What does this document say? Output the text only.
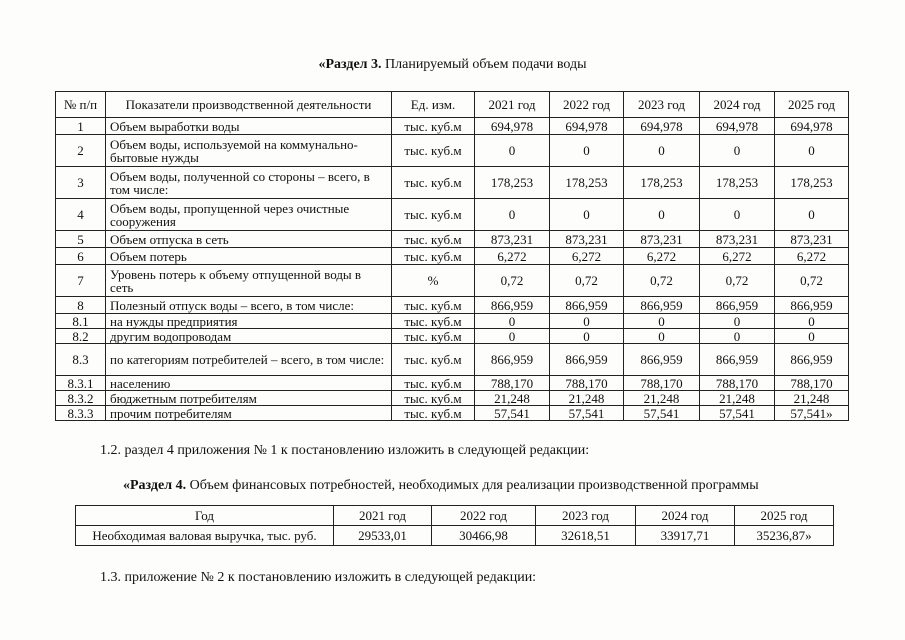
«Раздел 3. Планируемый объем подачи воды
№ п/п	Показатели производственной деятельности	Ед. изм.	2021 год	2022 год	2023 год	2024 год	2025 год
1	Объем выработки воды	тыс. куб.м	694,978	694,978	694,978	694,978	694,978
2	Объем воды, используемой на коммунально-бытовые нужды	тыс. куб.м	0	0	0	0	0
3	Объем воды, полученной со стороны – всего, в том числе:	тыс. куб.м	178,253	178,253	178,253	178,253	178,253
4	Объем воды, пропущенной через очистные сооружения	тыс. куб.м	0	0	0	0	0
5	Объем отпуска в сеть	тыс. куб.м	873,231	873,231	873,231	873,231	873,231
6	Объем потерь	тыс. куб.м	6,272	6,272	6,272	6,272	6,272
7	Уровень потерь к объему отпущенной воды в сеть	%	0,72	0,72	0,72	0,72	0,72
8	Полезный отпуск воды – всего, в том числе:	тыс. куб.м	866,959	866,959	866,959	866,959	866,959
8.1	на нужды предприятия	тыс. куб.м	0	0	0	0	0
8.2	другим водопроводам	тыс. куб.м	0	0	0	0	0
8.3	по категориям потребителей – всего, в том числе:	тыс. куб.м	866,959	866,959	866,959	866,959	866,959
8.3.1	населению	тыс. куб.м	788,170	788,170	788,170	788,170	788,170
8.3.2	бюджетным потребителям	тыс. куб.м	21,248	21,248	21,248	21,248	21,248
8.3.3	прочим потребителям	тыс. куб.м	57,541	57,541	57,541	57,541	57,541»
1.2. раздел 4 приложения № 1 к постановлению изложить в следующей редакции:
«Раздел 4. Объем финансовых потребностей, необходимых для реализации производственной программы
Год	2021 год	2022 год	2023 год	2024 год	2025 год
Необходимая валовая выручка, тыс. руб.	29533,01	30466,98	32618,51	33917,71	35236,87»
1.3. приложение № 2 к постановлению изложить в следующей редакции:
